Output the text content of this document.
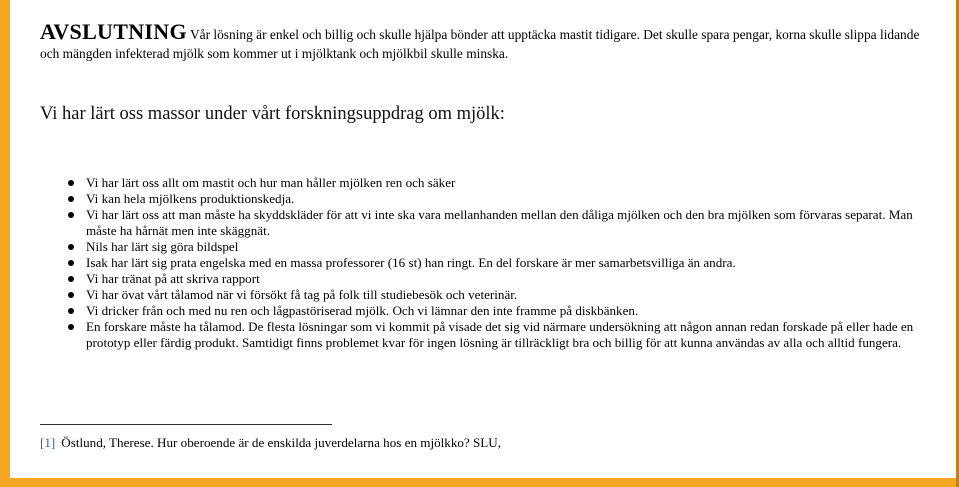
AVSLUTNING Vår lösning är enkel och billig och skulle hjälpa bönder att upptäcka mastit tidigare. Det skulle spara pengar, korna skulle slippa lidande och mängden infekterad mjölk som kommer ut i mjölktank och mjölkbil skulle minska.
Vi har lärt oss massor under vårt forskningsuppdrag om mjölk:
Vi har lärt oss allt om mastit och hur man håller mjölken ren och säker
Vi kan hela mjölkens produktionskedja.
Vi har lärt oss att man måste ha skyddskläder för att vi inte ska vara mellanhanden mellan den dåliga mjölken och den bra mjölken som förvaras separat. Man måste ha hårnät men inte skäggnät.
Nils har lärt sig göra bildspel
Isak har lärt sig prata engelska med en massa professorer (16 st) han ringt. En del forskare är mer samarbetsvilliga än andra.
Vi har tränat på att skriva rapport
Vi har övat vårt tålamod när vi försökt få tag på folk till studiebesök och veterinär.
Vi dricker från och med nu ren och lågpastöriserad mjölk. Och vi lämnar den inte framme på diskbänken.
En forskare måste ha tålamod. De flesta lösningar som vi kommit på visade det sig vid närmare undersökning att någon annan redan forskade på eller hade en prototyp eller färdig produkt. Samtidigt finns problemet kvar för ingen lösning är tillräckligt bra och billig för att kunna användas av alla och alltid fungera.
[1] Östlund, Therese. Hur oberoende är de enskilda juverdelarna hos en mjölkko? SLU,
